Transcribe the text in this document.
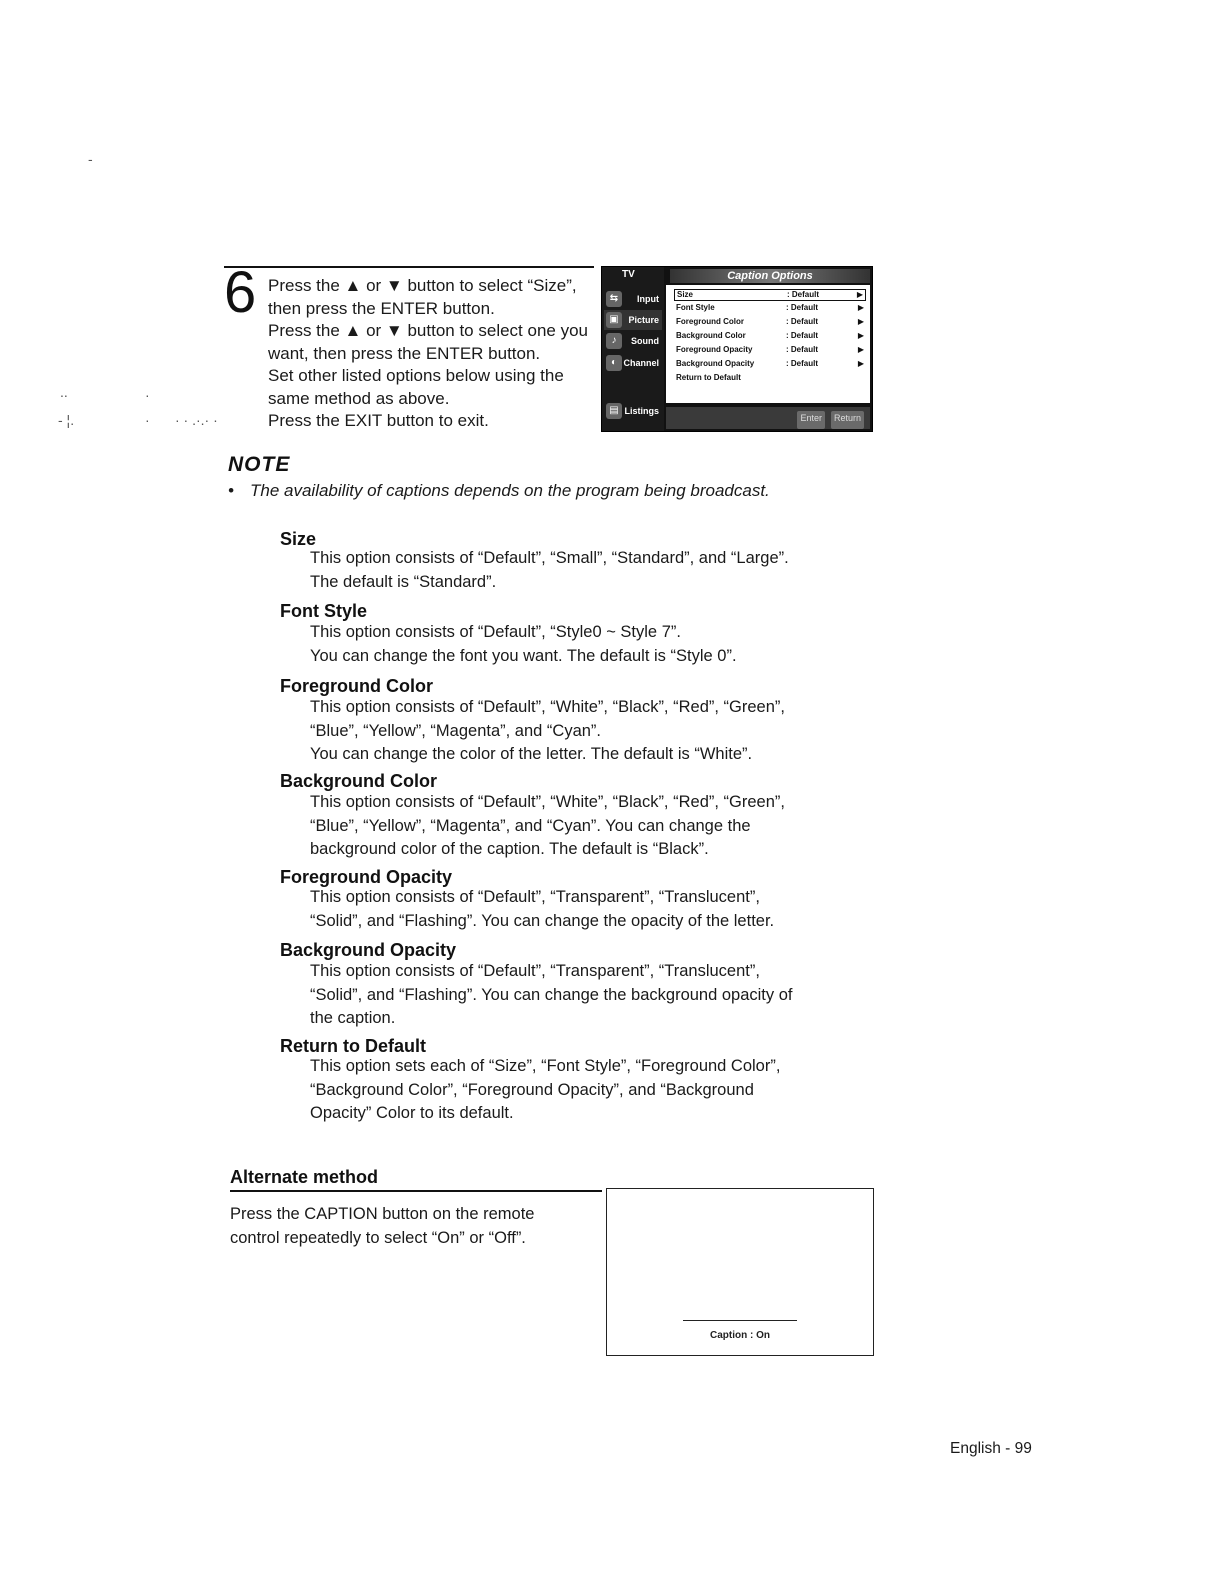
-
..	·
- ¦.	· · · .·.· ·
6 Press the ▲ or ▼ button to select “Size”,
then press the ENTER button.
Press the ▲ or ▼ button to select one you
want, then press the ENTER button.
Set other listed options below using the
same method as above.
Press the EXIT button to exit.
TV
⇆	Input
▣	Picture
♪	Sound
◐ Channel
▤ Listings
Caption Options
Size	: Default	▶
Font Style	: Default	▶
Foreground Color	: Default	▶
Background Color	: Default	▶
Foreground Opacity	: Default	▶
Background Opacity	: Default	▶
Return to Default
Enter	Return
NOTE
• The availability of captions depends on the program being broadcast.
Size
This option consists of “Default”, “Small”, “Standard”, and “Large”.
The default is “Standard”.
Font Style
This option consists of “Default”, “Style0 ~ Style 7”.
You can change the font you want. The default is “Style 0”.
Foreground Color
This option consists of “Default”, “White”, “Black”, “Red”, “Green”,
“Blue”, “Yellow”, “Magenta”, and “Cyan”.
You can change the color of the letter. The default is “White”.
Background Color
This option consists of “Default”, “White”, “Black”, “Red”, “Green”,
“Blue”, “Yellow”, “Magenta”, and “Cyan”. You can change the
background color of the caption. The default is “Black”.
Foreground Opacity
This option consists of “Default”, “Transparent”, “Translucent”,
“Solid”, and “Flashing”. You can change the opacity of the letter.
Background Opacity
This option consists of “Default”, “Transparent”, “Translucent”,
“Solid”, and “Flashing”. You can change the background opacity of
the caption.
Return to Default
This option sets each of “Size”, “Font Style”, “Foreground Color”,
“Background Color”, “Foreground Opacity”, and “Background
Opacity” Color to its default.
Alternate method
Press the CAPTION button on the remote
control repeatedly to select “On” or “Off”.
Caption : On
English - 99
